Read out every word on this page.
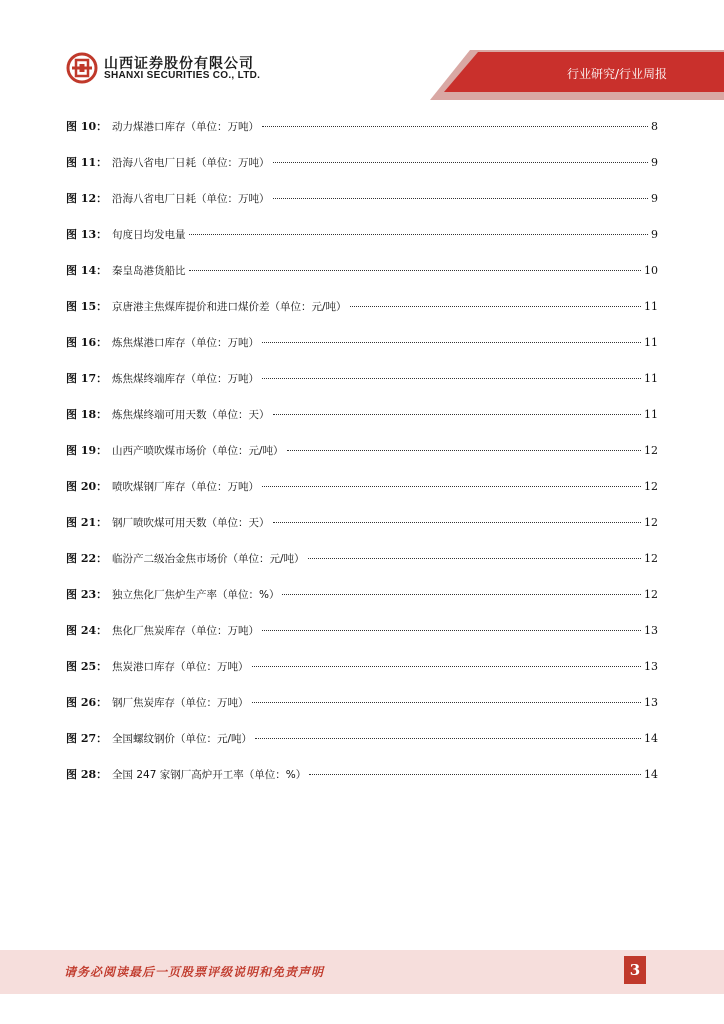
山西证券股份有限公司
SHANXI SECURITIES CO., LTD.	行业研究/行业周报
图 10： 动力煤港口库存（单位：万吨）	8
图 11： 沿海八省电厂日耗（单位：万吨）	9
图 12： 沿海八省电厂日耗（单位：万吨）	9
图 13： 旬度日均发电量	9
图 14： 秦皇岛港货船比	10
图 15： 京唐港主焦煤库提价和进口煤价差（单位：元/吨）	11
图 16： 炼焦煤港口库存（单位：万吨）	11
图 17： 炼焦煤终端库存（单位：万吨）	11
图 18： 炼焦煤终端可用天数（单位：天）	11
图 19： 山西产喷吹煤市场价（单位：元/吨）	12
图 20： 喷吹煤钢厂库存（单位：万吨）	12
图 21： 钢厂喷吹煤可用天数（单位：天）	12
图 22： 临汾产二级冶金焦市场价（单位：元/吨）	12
图 23： 独立焦化厂焦炉生产率（单位：%）	12
图 24： 焦化厂焦炭库存（单位：万吨）	13
图 25： 焦炭港口库存（单位：万吨）	13
图 26： 钢厂焦炭库存（单位：万吨）	13
图 27： 全国螺纹钢价（单位：元/吨）	14
图 28： 全国 247 家钢厂高炉开工率（单位：%）	14
请务必阅读最后一页股票评级说明和免责声明	3
